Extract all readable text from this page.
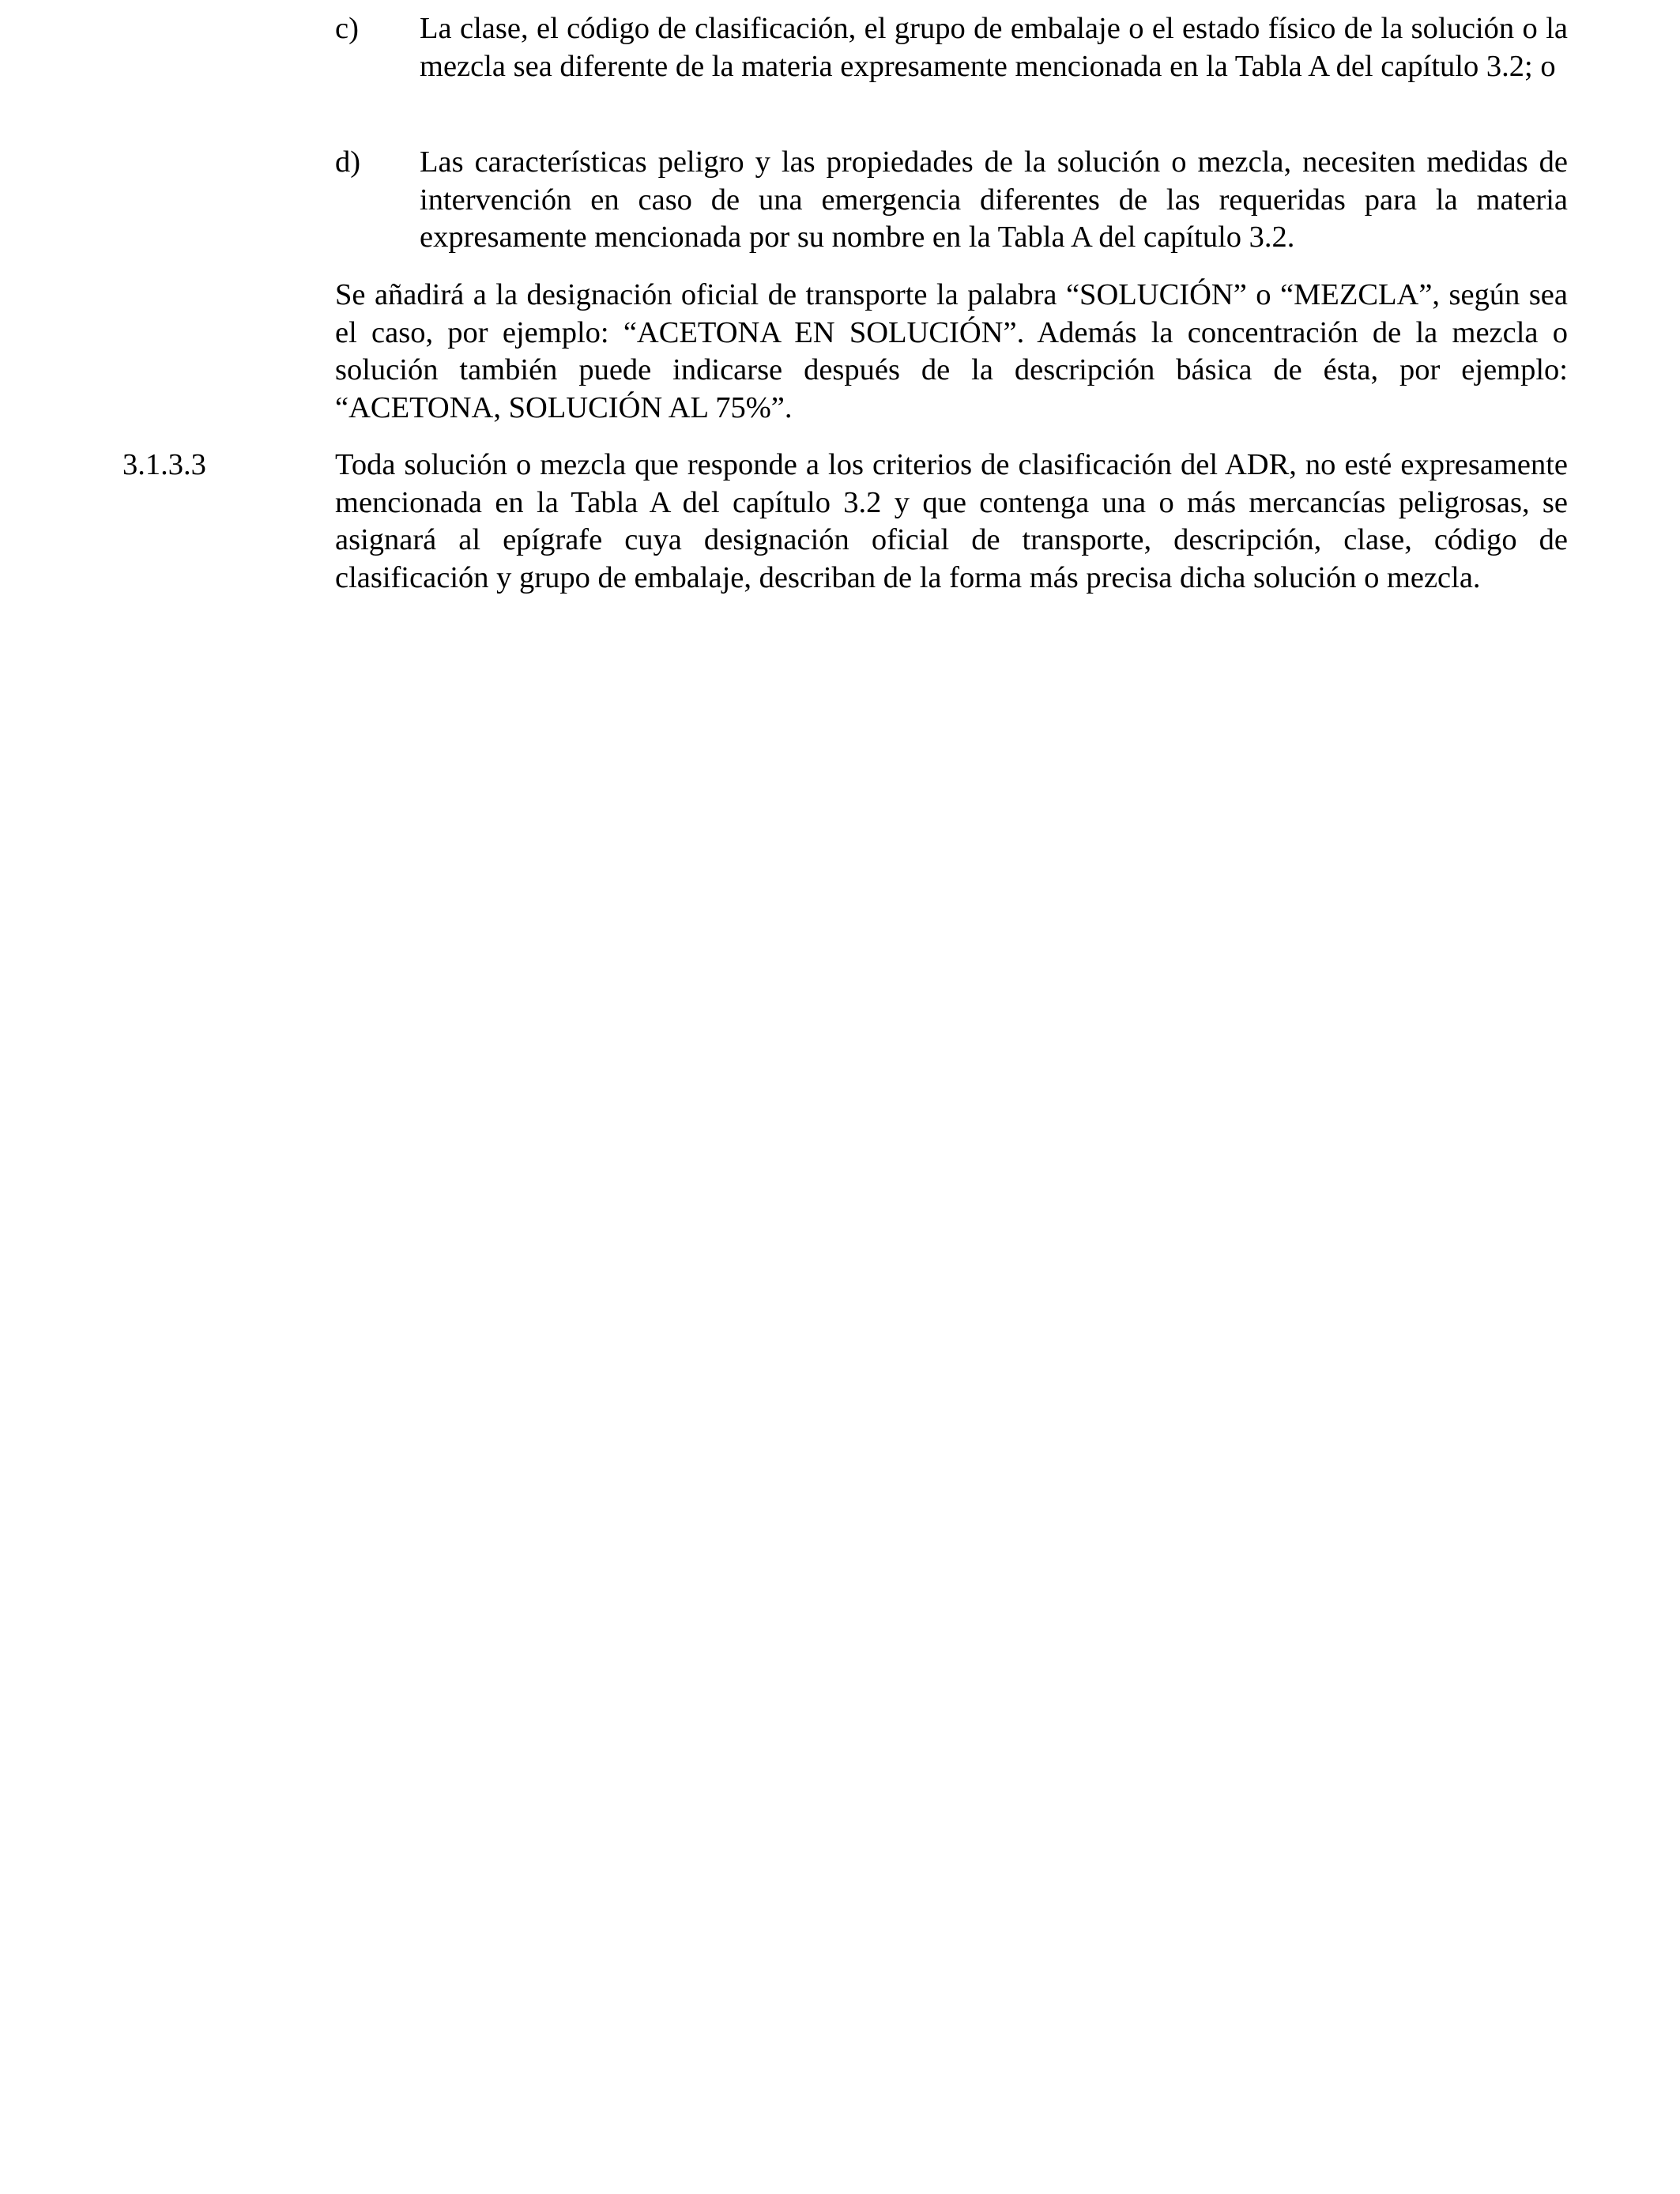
c) La clase, el código de clasificación, el grupo de embalaje o el estado físico de la solución o la mezcla sea diferente de la materia expresamente mencionada en la Tabla A del capítulo 3.2; o
d) Las características peligro y las propiedades de la solución o mezcla, necesiten medidas de intervención en caso de una emergencia diferentes de las requeridas para la materia expresamente mencionada por su nombre en la Tabla A del capítulo 3.2.
Se añadirá a la designación oficial de transporte la palabra “SOLUCIÓN” o “MEZCLA”, según sea el caso, por ejemplo: “ACETONA EN SOLUCIÓN”. Además la concentración de la mezcla o solución también puede indicarse después de la descripción básica de ésta, por ejemplo: “ACETONA, SOLUCIÓN AL 75%”.
3.1.3.3	Toda solución o mezcla que responde a los criterios de clasificación del ADR, no esté expresamente mencionada en la Tabla A del capítulo 3.2 y que contenga una o más mercancías peligrosas, se asignará al epígrafe cuya designación oficial de transporte, descripción, clase, código de clasificación y grupo de embalaje, describan de la forma más precisa dicha solución o mezcla.
